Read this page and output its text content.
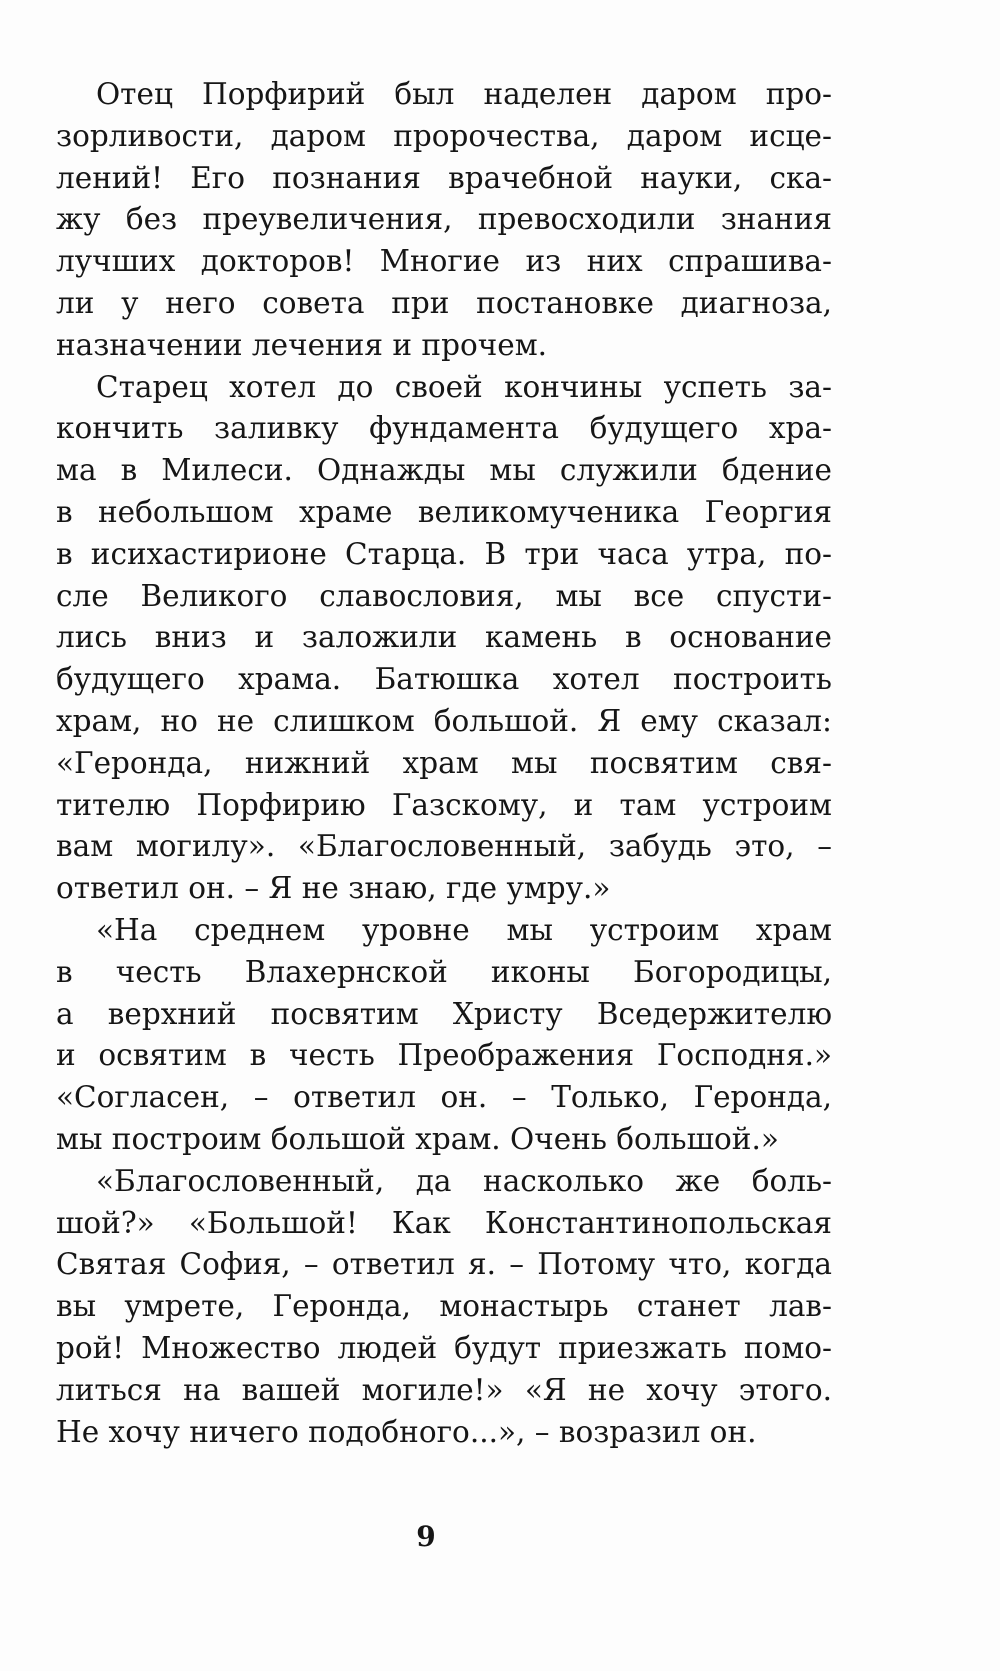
Отец Порфирий был наделен даром про-
зорливости, даром пророчества, даром исце-
лений! Его познания врачебной науки, ска-
жу без преувеличения, превосходили знания
лучших докторов! Многие из них спрашива-
ли у него совета при постановке диагноза,
назначении лечения и прочем.

Старец хотел до своей кончины успеть за-
кончить заливку фундамента будущего хра-
ма в Милеси. Однажды мы служили бдение
в небольшом храме великомученика Георгия
в исихастирионе Старца. В три часа утра, по-
сле Великого славословия, мы все спусти-
лись вниз и заложили камень в основание
будущего храма. Батюшка хотел построить
храм, но не слишком большой. Я ему сказал:
«Геронда, нижний храм мы посвятим свя-
тителю Порфирию Газскому, и там устроим
вам могилу». «Благословенный, забудь это, –
ответил он. – Я не знаю, где умру.»

«На среднем уровне мы устроим храм
в честь Влахернской иконы Богородицы,
а верхний посвятим Христу Вседержителю
и освятим в честь Преображения Господня.»
«Согласен, – ответил он. – Только, Геронда,
мы построим большой храм. Очень большой.»

«Благословенный, да насколько же боль-
шой?» «Большой! Как Константинопольская
Святая София, – ответил я. – Потому что, когда
вы умрете, Геронда, монастырь станет лав-
рой! Множество людей будут приезжать помо-
литься на вашей могиле!» «Я не хочу этого.
Не хочу ничего подобного...», – возразил он.

9
